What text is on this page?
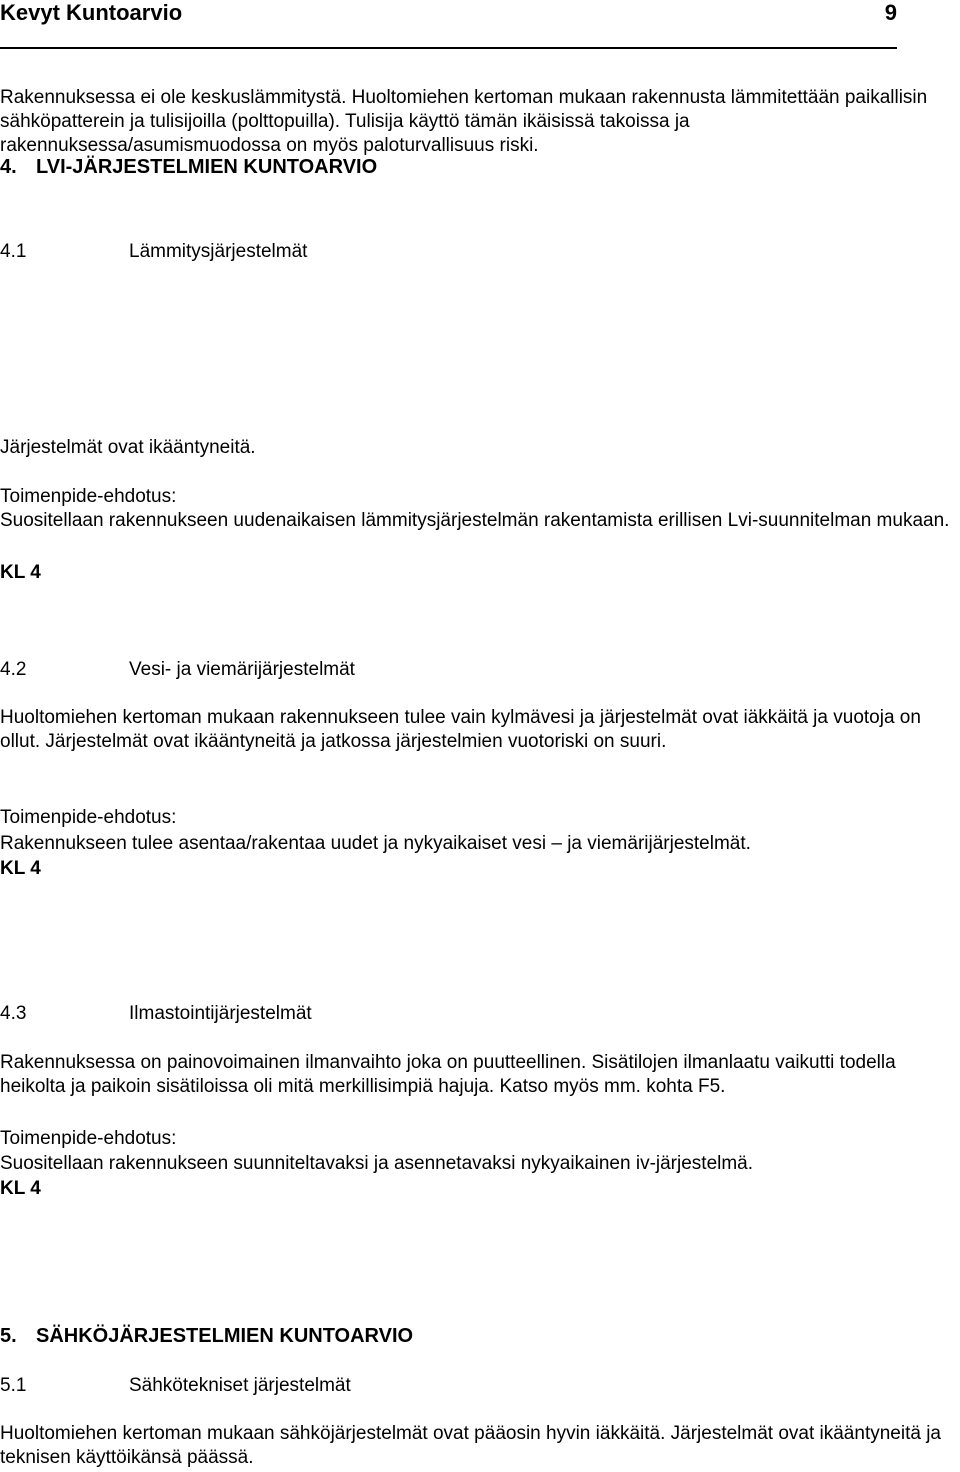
Kevyt Kuntoarvio	9
4. LVI-JÄRJESTELMIEN KUNTOARVIO
4.1	Lämmitysjärjestelmät
Rakennuksessa ei ole keskuslämmitystä. Huoltomiehen kertoman mukaan rakennusta lämmitettään paikallisin sähköpatterein ja tulisijoilla (polttopuilla). Tulisija käyttö tämän ikäisissä takoissa ja rakennuksessa/asumismuodossa on myös paloturvallisuus riski.
Järjestelmät ovat ikääntyneitä.
Toimenpide-ehdotus:
Suositellaan rakennukseen uudenaikaisen lämmitysjärjestelmän rakentamista erillisen Lvi-suunnitelman mukaan.
KL 4
4.2	Vesi- ja viemärijärjestelmät
Huoltomiehen kertoman mukaan rakennukseen tulee vain kylmävesi ja järjestelmät ovat iäkkäitä ja vuotoja on ollut. Järjestelmät ovat ikääntyneitä ja jatkossa järjestelmien vuotoriski on suuri.
Toimenpide-ehdotus:
Rakennukseen tulee asentaa/rakentaa uudet ja nykyaikaiset vesi – ja viemärijärjestelmät.
KL 4
4.3	Ilmastointijärjestelmät
Rakennuksessa on painovoimainen ilmanvaihto joka on puutteellinen. Sisätilojen ilmanlaatu vaikutti todella heikolta ja paikoin sisätiloissa oli mitä merkillisimpiä hajuja. Katso myös mm. kohta F5.
Toimenpide-ehdotus:
Suositellaan rakennukseen suunniteltavaksi ja asennetavaksi nykyaikainen iv-järjestelmä.
KL 4
5. SÄHKÖJÄRJESTELMIEN KUNTOARVIO
5.1	Sähkötekniset järjestelmät
Huoltomiehen kertoman mukaan sähköjärjestelmät ovat pääosin hyvin iäkkäitä. Järjestelmät ovat ikääntyneitä ja teknisen käyttöikänsä päässä.
